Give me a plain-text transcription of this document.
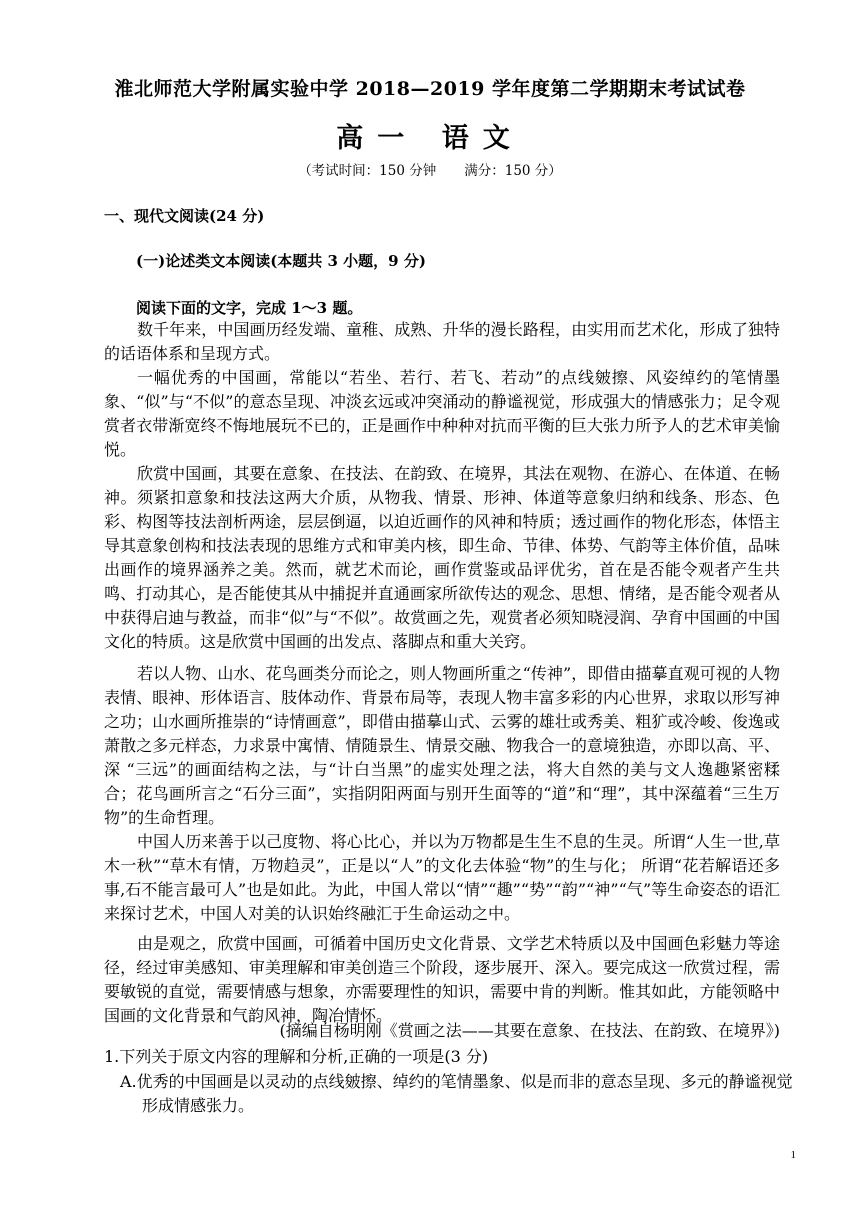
淮北师范大学附属实验中学 2018—2019 学年度第二学期期末考试试卷
高一 语文
（考试时间：150 分钟 满分：150 分）
一、现代文阅读(24 分)
(一)论述类文本阅读(本题共 3 小题，9 分)
阅读下面的文字，完成 1～3 题。
数千年来，中国画历经发端、童稚、成熟、升华的漫长路程，由实用而艺术化，形成了独特的话语体系和呈现方式。
一幅优秀的中国画，常能以“若坐、若行、若飞、若动”的点线皴擦、风姿绰约的笔情墨象、“似”与“不似”的意态呈现、冲淡玄远或冲突涌动的静谧视觉，形成强大的情感张力；足令观赏者衣带渐宽终不悔地展玩不已的，正是画作中种种对抗而平衡的巨大张力所予人的艺术审美愉悦。
欣赏中国画，其要在意象、在技法、在韵致、在境界，其法在观物、在游心、在体道、在畅神。须紧扣意象和技法这两大介质，从物我、情景、形神、体道等意象归纳和线条、形态、色彩、构图等技法剖析两途，层层倒逼，以迫近画作的风神和特质；透过画作的物化形态，体悟主导其意象创构和技法表现的思维方式和审美内核，即生命、节律、体势、气韵等主体价值，品味出画作的境界涵养之美。然而，就艺术而论，画作赏鉴或品评优劣，首在是否能令观者产生共鸣、打动其心，是否能使其从中捕捉并直通画家所欲传达的观念、思想、情绪，是否能令观者从中获得启迪与教益，而非“似”与“不似”。故赏画之先，观赏者必须知晓浸润、孕育中国画的中国文化的特质。这是欣赏中国画的出发点、落脚点和重大关窍。
若以人物、山水、花鸟画类分而论之，则人物画所重之“传神”，即借由描摹直观可视的人物表情、眼神、形体语言、肢体动作、背景布局等，表现人物丰富多彩的内心世界，求取以形写神之功；山水画所推崇的“诗情画意”，即借由描摹山式、云雾的雄壮或秀美、粗犷或冷峻、俊逸或萧散之多元样态，力求景中寓情、情随景生、情景交融、物我合一的意境独造，亦即以高、平、深 “三远”的画面结构之法，与“计白当黑”的虚实处理之法，将大自然的美与文人逸趣紧密糅合；花鸟画所言之“石分三面”，实指阴阳两面与别开生面等的“道”和“理”，其中深蕴着“三生万物”的生命哲理。
中国人历来善于以己度物、将心比心，并以为万物都是生生不息的生灵。所谓“人生一世,草木一秋”“草木有情，万物趋灵”，正是以“人”的文化去体验“物”的生与化； 所谓“花若解语还多事,石不能言最可人”也是如此。为此，中国人常以“情”“趣”“势”“韵”“神”“气”等生命姿态的语汇来探讨艺术，中国人对美的认识始终融汇于生命运动之中。
由是观之，欣赏中国画，可循着中国历史文化背景、文学艺术特质以及中国画色彩魅力等途径，经过审美感知、审美理解和审美创造三个阶段，逐步展开、深入。要完成这一欣赏过程，需要敏锐的直觉，需要情感与想象，亦需要理性的知识，需要中肯的判断。惟其如此，方能领略中国画的文化背景和气韵风神，陶冶情怀。
(摘编自杨明刚《赏画之法——其要在意象、在技法、在韵致、在境界》)
1.下列关于原文内容的理解和分析,正确的一项是(3 分)
A.优秀的中国画是以灵动的点线皴擦、绰约的笔情墨象、似是而非的意态呈现、多元的静谧视觉形成情感张力。
1
